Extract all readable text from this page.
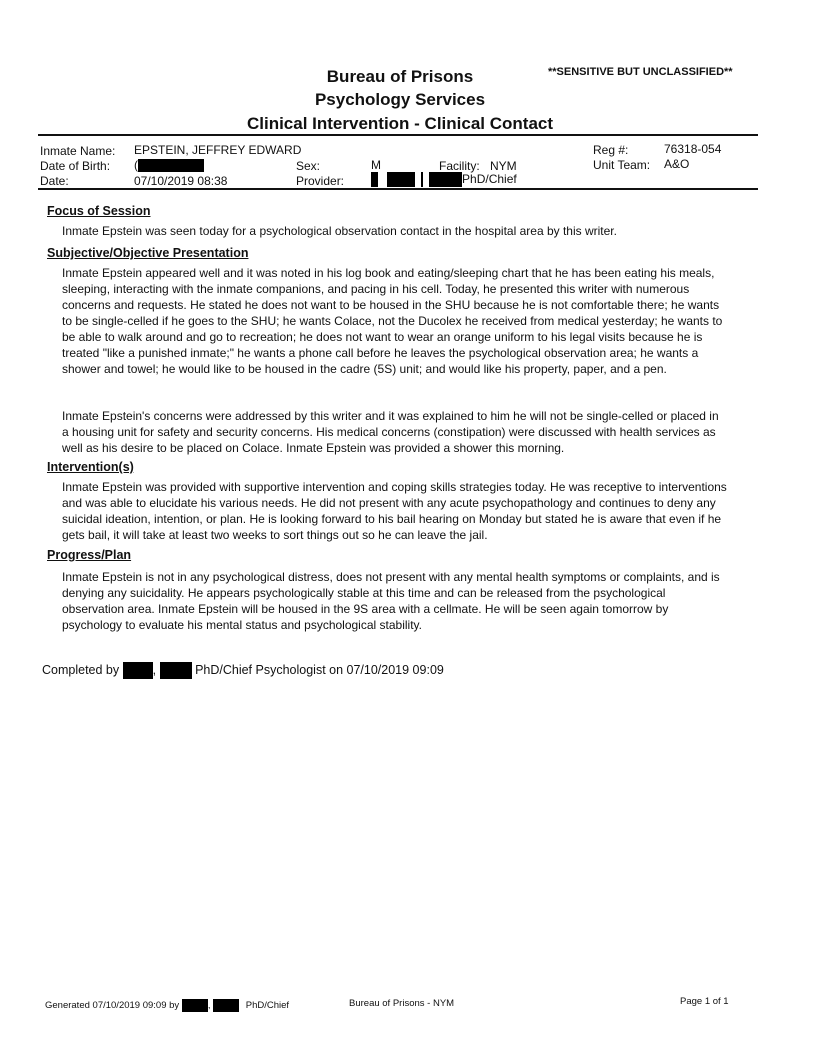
Bureau of Prisons
Psychology Services
Clinical Intervention - Clinical Contact
**SENSITIVE BUT UNCLASSIFIED**
Inmate Name: EPSTEIN, JEFFREY EDWARD
Date of Birth: (
Date:	07/10/2019 08:38
Sex:	M
Provider:	PhD/Chief
Facility: NYM
Reg #:	76318-054
Unit Team: A&O
Focus of Session
Inmate Epstein was seen today for a psychological observation contact in the hospital area by this writer.
Subjective/Objective Presentation
Inmate Epstein appeared well and it was noted in his log book and eating/sleeping chart that he has been eating his meals, sleeping, interacting with the inmate companions, and pacing in his cell. Today, he presented this writer with numerous concerns and requests. He stated he does not want to be housed in the SHU because he is not comfortable there; he wants to be single-celled if he goes to the SHU; he wants Colace, not the Ducolex he received from medical yesterday; he wants to be able to walk around and go to recreation; he does not want to wear an orange uniform to his legal visits because he is treated "like a punished inmate;" he wants a phone call before he leaves the psychological observation area; he wants a shower and towel; he would like to be housed in the cadre (5S) unit; and would like his property, paper, and a pen.
Inmate Epstein's concerns were addressed by this writer and it was explained to him he will not be single-celled or placed in a housing unit for safety and security concerns. His medical concerns (constipation) were discussed with health services as well as his desire to be placed on Colace. Inmate Epstein was provided a shower this morning.
Intervention(s)
Inmate Epstein was provided with supportive intervention and coping skills strategies today. He was receptive to interventions and was able to elucidate his various needs. He did not present with any acute psychopathology and continues to deny any suicidal ideation, intention, or plan. He is looking forward to his bail hearing on Monday but stated he is aware that even if he gets bail, it will take at least two weeks to sort things out so he can leave the jail.
Progress/Plan
Inmate Epstein is not in any psychological distress, does not present with any mental health symptoms or complaints, and is denying any suicidality. He appears psychologically stable at this time and can be released from the psychological observation area. Inmate Epstein will be housed in the 9S area with a cellmate. He will be seen again tomorrow by psychology to evaluate his mental status and psychological stability.
Completed by	,	PhD/Chief Psychologist on 07/10/2019 09:09
Generated 07/10/2019 09:09 by	,	PhD/Chief	Bureau of Prisons - NYM	Page 1 of 1
